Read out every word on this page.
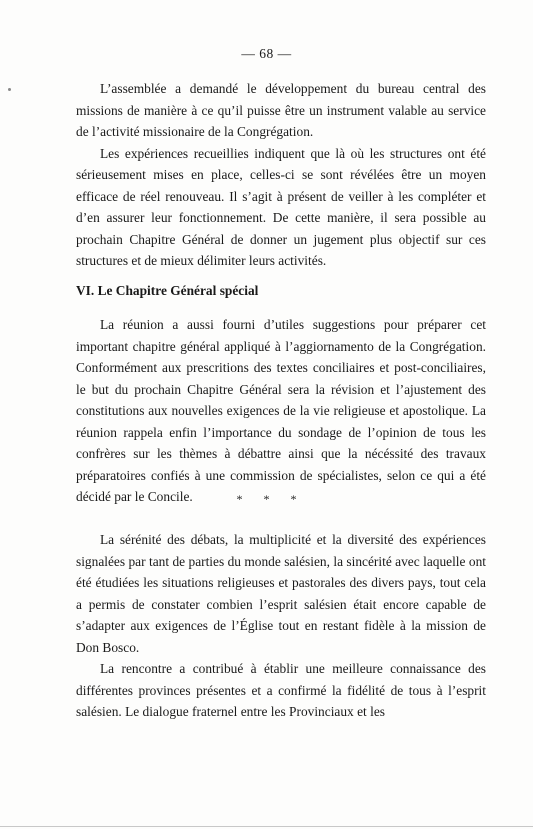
— 68 —

L’assemblée a demandé le développement du bureau central des missions de manière à ce qu’il puisse être un instrument valable au service de l’activité missionaire de la Congrégation.

Les expériences recueillies indiquent que là où les structures ont été sérieusement mises en place, celles-ci se sont révélées être un moyen efficace de réel renouveau. Il s’agit à présent de veiller à les compléter et d’en assurer leur fonctionnement. De cette manière, il sera possible au prochain Chapitre Général de donner un jugement plus objectif sur ces structures et de mieux délimiter leurs activités.

VI. Le Chapitre Général spécial

La réunion a aussi fourni d’utiles suggestions pour préparer cet important chapitre général appliqué à l’aggiornamento de la Congrégation. Conformément aux prescritions des textes conciliaires et post-conciliaires, le but du prochain Chapitre Général sera la révision et l’ajustement des constitutions aux nouvelles exigences de la vie religieuse et apostolique. La réunion rappela enfin l’importance du sondage de l’opinion de tous les confrères sur les thèmes à débattre ainsi que la nécéssité des travaux préparatoires confiés à une commission de spécialistes, selon ce qui a été décidé par le Concile.	* * *

La sérénité des débats, la multiplicité et la diversité des expériences signalées par tant de parties du monde salésien, la sincérité avec laquelle ont été étudiées les situations religieuses et pastorales des divers pays, tout cela a permis de constater combien l’esprit salésien était encore capable de s’adapter aux exigences de l’Église tout en restant fidèle à la mission de Don Bosco.

La rencontre a contribué à établir une meilleure connaissance des différentes provinces présentes et a confirmé la fidélité de tous à l’esprit salésien. Le dialogue fraternel entre les Provinciaux et les
